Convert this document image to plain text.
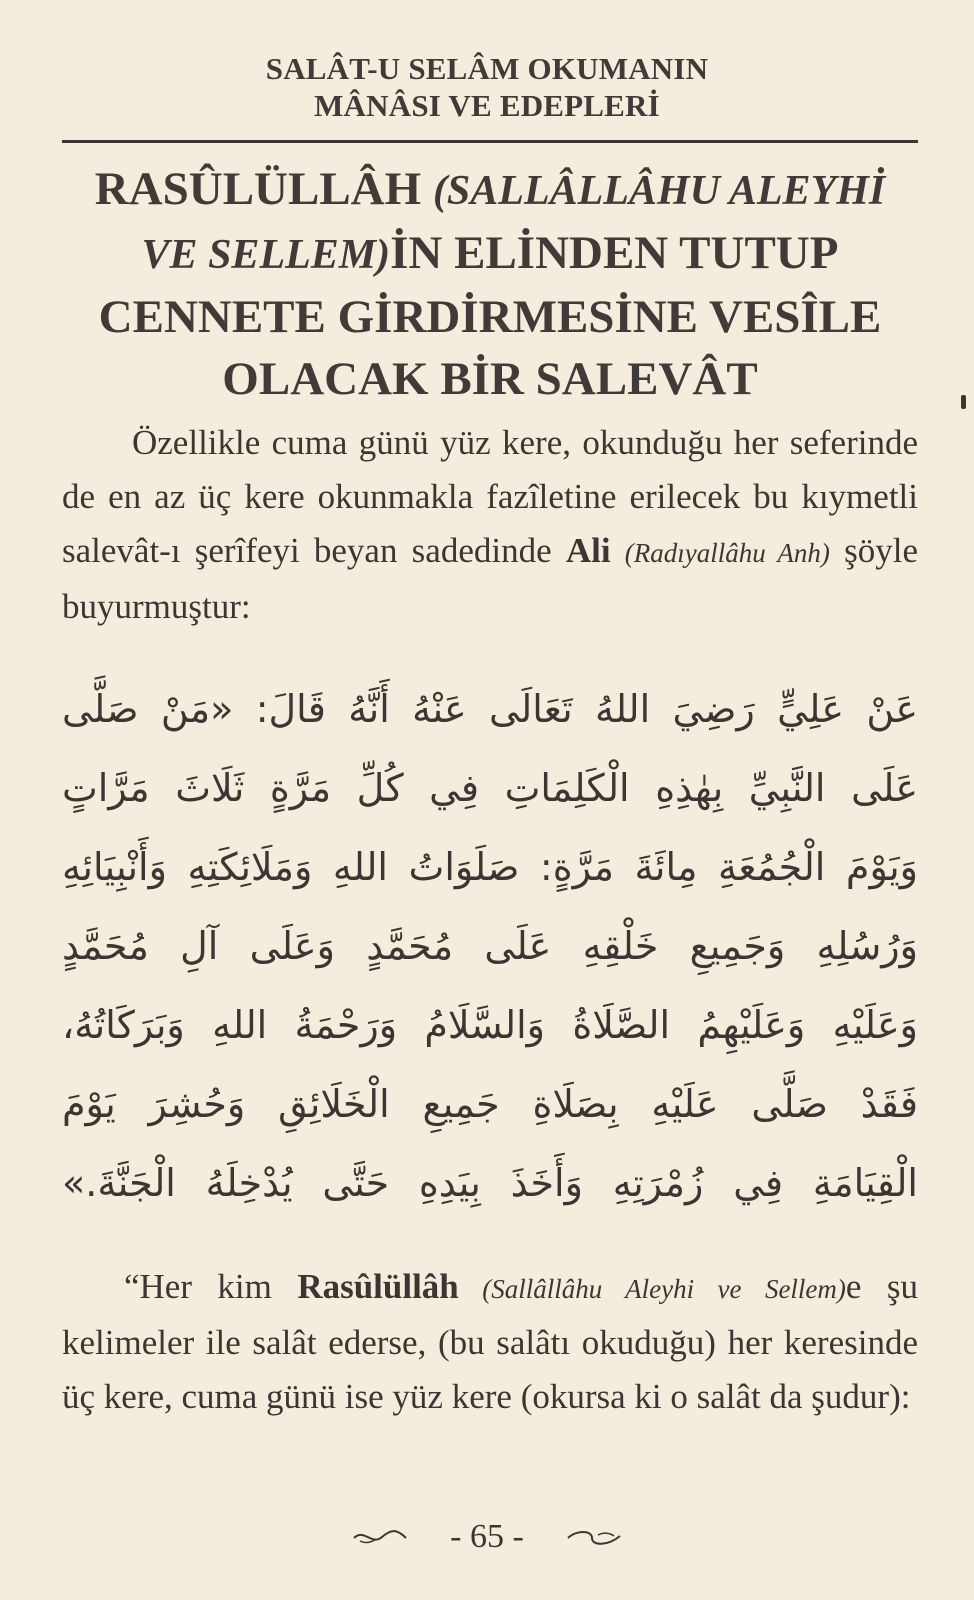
SALÂT-U SELÂM OKUMANIN
MÂNÂSI VE EDEPLERİ
RASÛLÜLLÂH (SALLÂLLÂHU ALEYHİ VE SELLEM)İN ELİNDEN TUTUP CENNETE GİRDİRMESİNE VESÎLE OLACAK BİR SALEVÂT

Özellikle cuma günü yüz kere, okunduğu her seferinde de en az üç kere okunmakla fazîletine erilecek bu kıymetli salevât-ı şerîfeyi beyan sadedinde Ali (Radıyallâhu Anh) şöyle buyurmuştur:

عَنْ عَلِيٍّ رَضِيَ اللهُ تَعَالَى عَنْهُ أَنَّهُ قَالَ: «مَنْ صَلَّى
عَلَى النَّبِيِّ بِهٰذِهِ الْكَلِمَاتِ فِي كُلِّ مَرَّةٍ ثَلَاثَ مَرَّاتٍ
وَيَوْمَ الْجُمُعَةِ مِائَةَ مَرَّةٍ: صَلَوَاتُ اللهِ وَمَلَائِكَتِهِ وَأَنْبِيَائِهِ
وَرُسُلِهِ وَجَمِيعِ خَلْقِهِ عَلَى مُحَمَّدٍ وَعَلَى آلِ مُحَمَّدٍ
وَعَلَيْهِ وَعَلَيْهِمُ الصَّلَاةُ وَالسَّلَامُ وَرَحْمَةُ اللهِ وَبَرَكَاتُهُ،
فَقَدْ صَلَّى عَلَيْهِ بِصَلَاةِ جَمِيعِ الْخَلَائِقِ وَحُشِرَ يَوْمَ
الْقِيَامَةِ فِي زُمْرَتِهِ وَأَخَذَ بِيَدِهِ حَتَّى يُدْخِلَهُ الْجَنَّةَ.»

“Her kim Rasûlüllâh (Sallâllâhu Aleyhi ve Sellem)e şu kelimeler ile salât ederse, (bu salâtı okuduğu) her keresinde üç kere, cuma günü ise yüz kere (okursa ki o salât da şudur):

- 65 -
